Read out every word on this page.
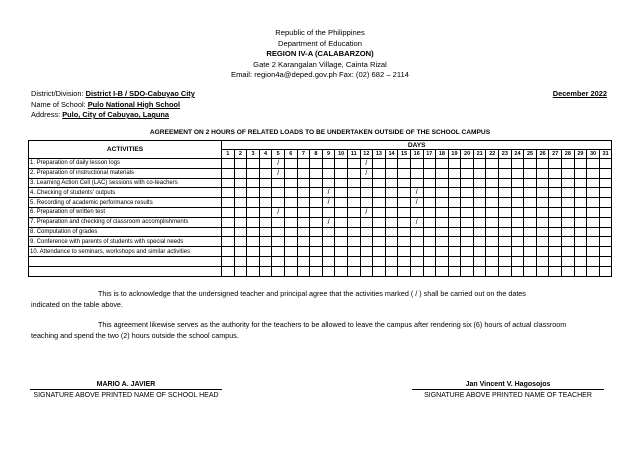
Republic of the Philippines
Department of Education
REGION IV-A (CALABARZON)
Gate 2 Karangalan Village, Cainta Rizal
Email: region4a@deped.gov.ph Fax: (02) 682 – 2114
District/Division: District I-B / SDO-Cabuyao City
Name of School: Pulo National High School
Address: Pulo, City of Cabuyao, Laguna
December 2022
AGREEMENT ON 2 HOURS OF RELATED LOADS TO BE UNDERTAKEN OUTSIDE OF THE SCHOOL CAMPUS
ACTIVITIES	DAYS																														
	1	2	3	4	5	6	7	8	9	10	11	12	13	14	15	16	17	18	19	20	21	22	23	24	25	26	27	28	29	30	31
1. Preparation of daily lesson logs					/							/																			
2. Preparation of instructional materials					/							/																			
3. Learning Action Cell (LAC) sessions with co-teachers																															
4. Checking of students' outputs									/							/															
5. Recording of academic performance results									/							/															
6. Preparation of written test					/							/																			
7. Preparation and checking of classroom accomplishments									/							/															
8. Computation of grades																															
9. Conference with parents of students with special needs																															
10. Attendance to seminars, workshops and similar activities																															

This is to acknowledge that the undersigned teacher and principal agree that the activities marked ( / ) shall be carried out on the dates
indicated on the table above.
This agreement likewise serves as the authority for the teachers to be allowed to leave the campus after rendering six (6) hours of actual classroom
teaching and spend the two (2) hours outside the school campus.
MARIO A. JAVIER
SIGNATURE ABOVE PRINTED NAME OF SCHOOL HEAD
Jan Vincent V. Hagosojos
SIGNATURE ABOVE PRINTED NAME OF TEACHER
